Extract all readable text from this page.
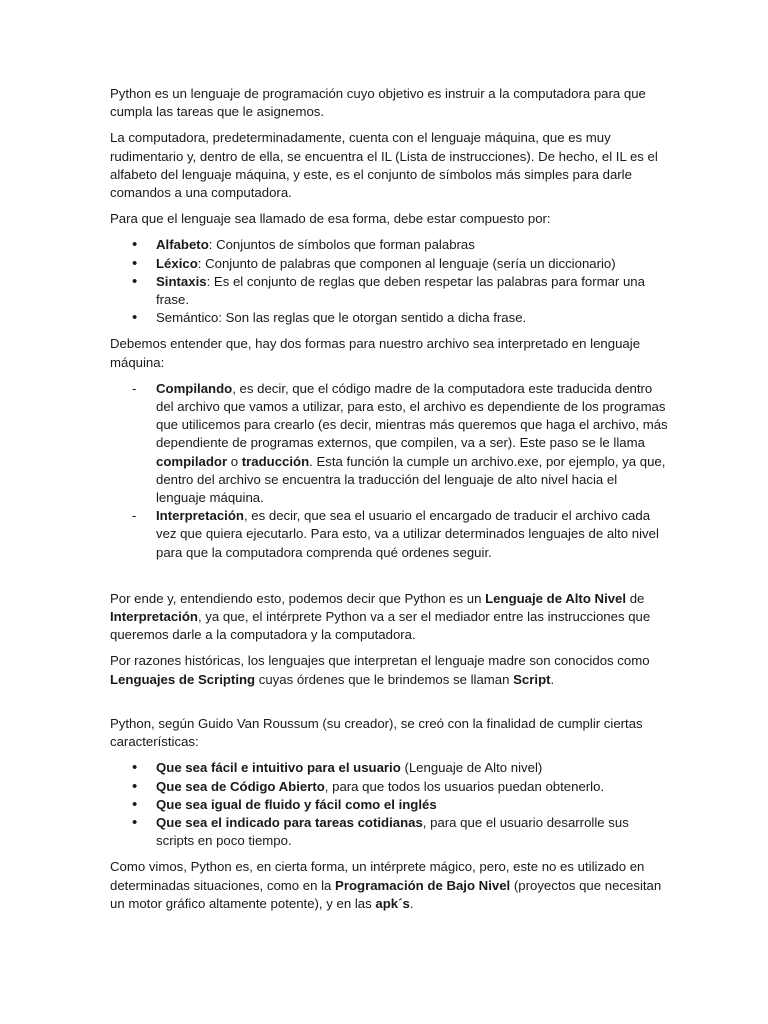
Python es un lenguaje de programación cuyo objetivo es instruir a la computadora para que cumpla las tareas que le asignemos.

La computadora, predeterminadamente, cuenta con el lenguaje máquina, que es muy rudimentario y, dentro de ella, se encuentra el IL (Lista de instrucciones). De hecho, el IL es el alfabeto del lenguaje máquina, y este, es el conjunto de símbolos más simples para darle comandos a una computadora.

Para que el lenguaje sea llamado de esa forma, debe estar compuesto por:

• Alfabeto: Conjuntos de símbolos que forman palabras
• Léxico: Conjunto de palabras que componen al lenguaje (sería un diccionario)
• Sintaxis: Es el conjunto de reglas que deben respetar las palabras para formar una frase.
• Semántico: Son las reglas que le otorgan sentido a dicha frase.

Debemos entender que, hay dos formas para nuestro archivo sea interpretado en lenguaje máquina:

- Compilando, es decir, que el código madre de la computadora este traducida dentro del archivo que vamos a utilizar, para esto, el archivo es dependiente de los programas que utilicemos para crearlo (es decir, mientras más queremos que haga el archivo, más dependiente de programas externos, que compilen, va a ser). Este paso se le llama compilador o traducción. Esta función la cumple un archivo.exe, por ejemplo, ya que, dentro del archivo se encuentra la traducción del lenguaje de alto nivel hacia el lenguaje máquina.
- Interpretación, es decir, que sea el usuario el encargado de traducir el archivo cada vez que quiera ejecutarlo. Para esto, va a utilizar determinados lenguajes de alto nivel para que la computadora comprenda qué ordenes seguir.

Por ende y, entendiendo esto, podemos decir que Python es un Lenguaje de Alto Nivel de Interpretación, ya que, el intérprete Python va a ser el mediador entre las instrucciones que queremos darle a la computadora y la computadora.

Por razones históricas, los lenguajes que interpretan el lenguaje madre son conocidos como Lenguajes de Scripting cuyas órdenes que le brindemos se llaman Script.

Python, según Guido Van Roussum (su creador), se creó con la finalidad de cumplir ciertas características:

• Que sea fácil e intuitivo para el usuario (Lenguaje de Alto nivel)
• Que sea de Código Abierto, para que todos los usuarios puedan obtenerlo.
• Que sea igual de fluido y fácil como el inglés
• Que sea el indicado para tareas cotidianas, para que el usuario desarrolle sus scripts en poco tiempo.

Como vimos, Python es, en cierta forma, un intérprete mágico, pero, este no es utilizado en determinadas situaciones, como en la Programación de Bajo Nivel (proyectos que necesitan un motor gráfico altamente potente), y en las apk´s.
